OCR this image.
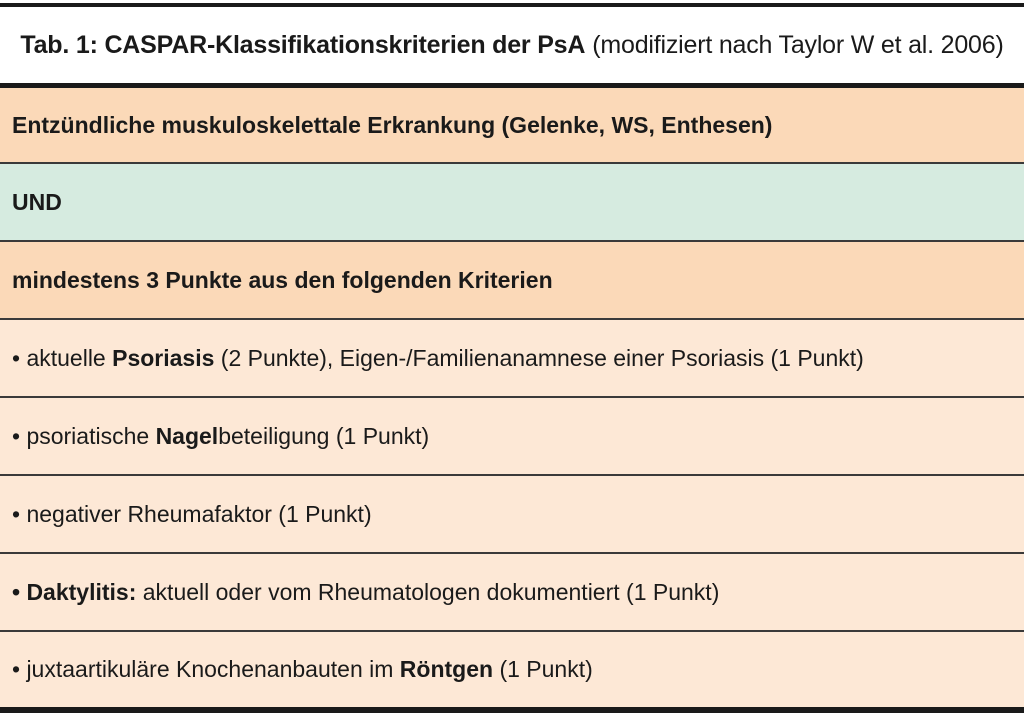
Tab. 1: CASPAR-Klassifikationskriterien der PsA (modifiziert nach Taylor W et al. 2006)
Entzündliche muskuloskelettale Erkrankung (Gelenke, WS, Enthesen)
UND
mindestens 3 Punkte aus den folgenden Kriterien
• aktuelle Psoriasis (2 Punkte), Eigen-/Familienanamnese einer Psoriasis (1 Punkt)
• psoriatische Nagel beteiligung (1 Punkt)
• negativer Rheumafaktor (1 Punkt)
• Daktylitis: aktuell oder vom Rheumatologen dokumentiert (1 Punkt)
• juxtaartikuläre Knochenanbauten im Röntgen (1 Punkt)
